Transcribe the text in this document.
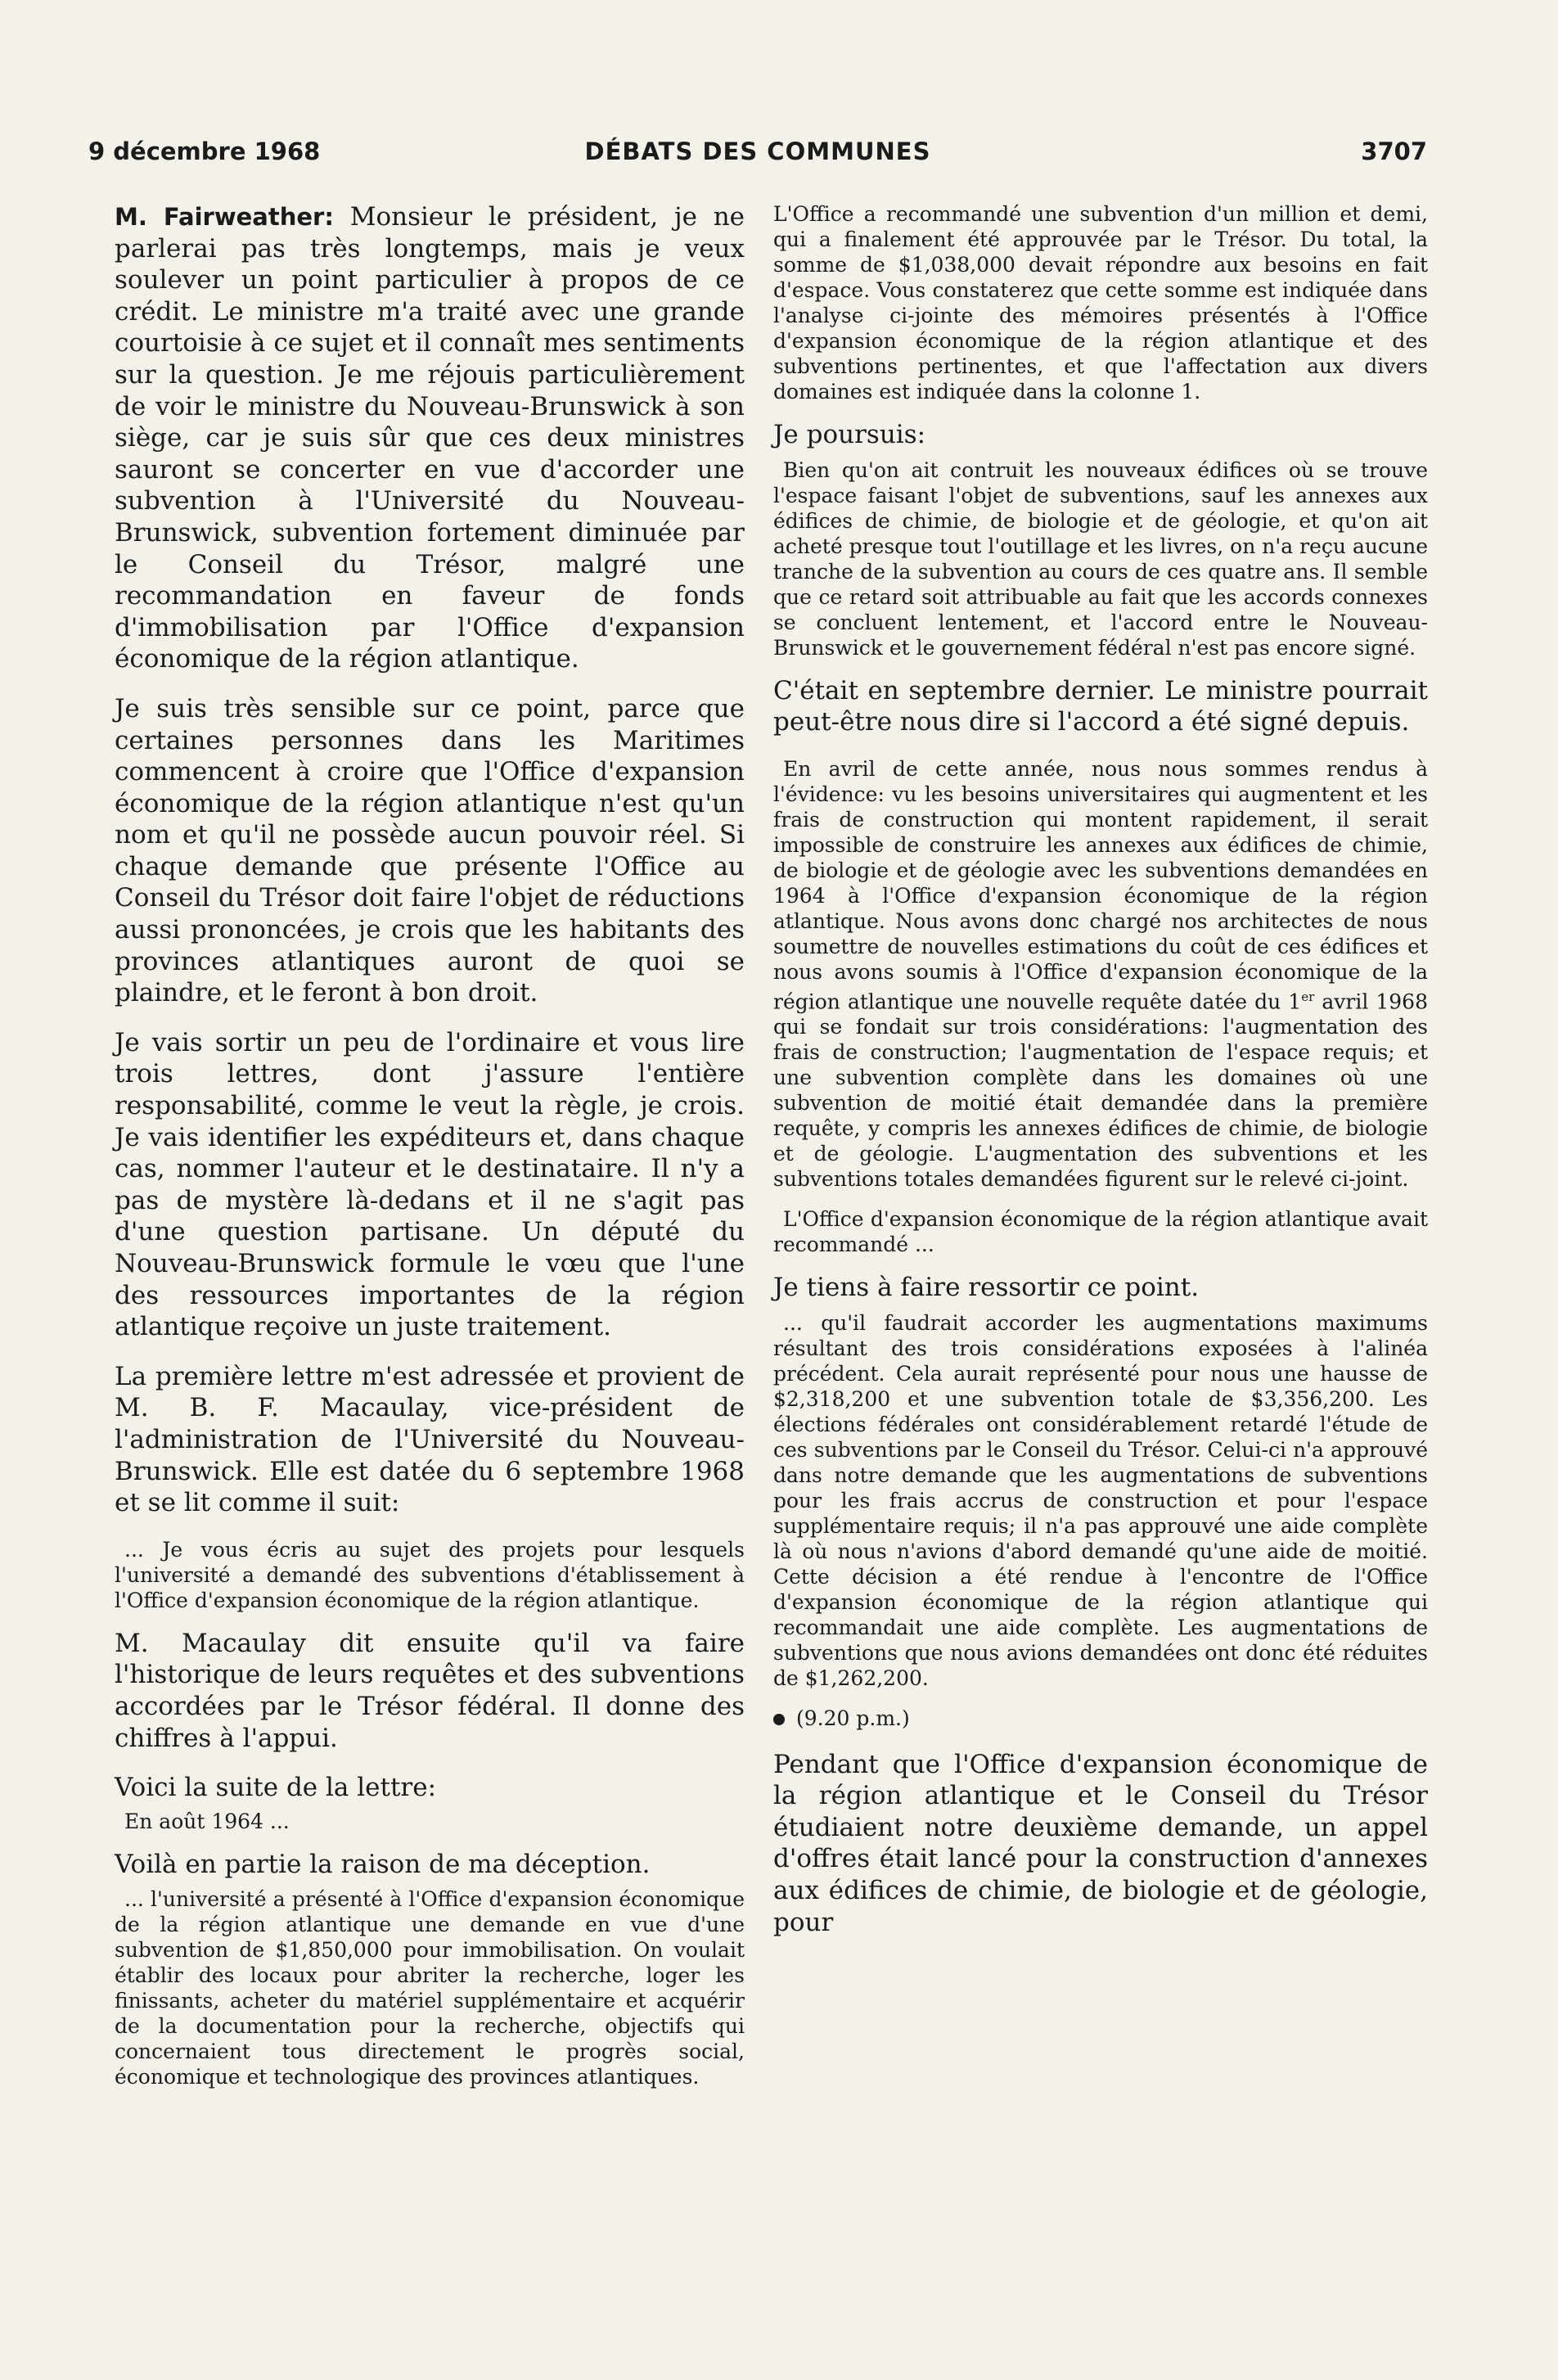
9 décembre 1968	DÉBATS DES COMMUNES	3707

M. Fairweather: Monsieur le président, je ne parlerai pas très longtemps, mais je veux soulever un point particulier à propos de ce crédit. Le ministre m'a traité avec une grande courtoisie à ce sujet et il connaît mes sentiments sur la question. Je me réjouis particulièrement de voir le ministre du Nouveau-Brunswick à son siège, car je suis sûr que ces deux ministres sauront se concerter en vue d'accorder une subvention à l'Université du Nouveau-Brunswick, subvention fortement diminuée par le Conseil du Trésor, malgré une recommandation en faveur de fonds d'immobilisation par l'Office d'expansion économique de la région atlantique.

Je suis très sensible sur ce point, parce que certaines personnes dans les Maritimes commencent à croire que l'Office d'expansion économique de la région atlantique n'est qu'un nom et qu'il ne possède aucun pouvoir réel. Si chaque demande que présente l'Office au Conseil du Trésor doit faire l'objet de réductions aussi prononcées, je crois que les habitants des provinces atlantiques auront de quoi se plaindre, et le feront à bon droit.

Je vais sortir un peu de l'ordinaire et vous lire trois lettres, dont j'assure l'entière responsabilité, comme le veut la règle, je crois. Je vais identifier les expéditeurs et, dans chaque cas, nommer l'auteur et le destinataire. Il n'y a pas de mystère là-dedans et il ne s'agit pas d'une question partisane. Un député du Nouveau-Brunswick formule le vœu que l'une des ressources importantes de la région atlantique reçoive un juste traitement.

La première lettre m'est adressée et provient de M. B. F. Macaulay, vice-président de l'administration de l'Université du Nouveau-Brunswick. Elle est datée du 6 septembre 1968 et se lit comme il suit:

... Je vous écris au sujet des projets pour lesquels l'université a demandé des subventions d'établissement à l'Office d'expansion économique de la région atlantique.

M. Macaulay dit ensuite qu'il va faire l'historique de leurs requêtes et des subventions accordées par le Trésor fédéral. Il donne des chiffres à l'appui.

Voici la suite de la lettre:

En août 1964 ...

Voilà en partie la raison de ma déception.

... l'université a présenté à l'Office d'expansion économique de la région atlantique une demande en vue d'une subvention de $1,850,000 pour immobilisation. On voulait établir des locaux pour abriter la recherche, loger les finissants, acheter du matériel supplémentaire et acquérir de la documentation pour la recherche, objectifs qui concernaient tous directement le progrès social, économique et technologique des provinces atlantiques.

L'Office a recommandé une subvention d'un million et demi, qui a finalement été approuvée par le Trésor. Du total, la somme de $1,038,000 devait répondre aux besoins en fait d'espace. Vous constaterez que cette somme est indiquée dans l'analyse ci-jointe des mémoires présentés à l'Office d'expansion économique de la région atlantique et des subventions pertinentes, et que l'affectation aux divers domaines est indiquée dans la colonne 1.

Je poursuis:

Bien qu'on ait contruit les nouveaux édifices où se trouve l'espace faisant l'objet de subventions, sauf les annexes aux édifices de chimie, de biologie et de géologie, et qu'on ait acheté presque tout l'outillage et les livres, on n'a reçu aucune tranche de la subvention au cours de ces quatre ans. Il semble que ce retard soit attribuable au fait que les accords connexes se concluent lentement, et l'accord entre le Nouveau-Brunswick et le gouvernement fédéral n'est pas encore signé.

C'était en septembre dernier. Le ministre pourrait peut-être nous dire si l'accord a été signé depuis.

En avril de cette année, nous nous sommes rendus à l'évidence: vu les besoins universitaires qui augmentent et les frais de construction qui montent rapidement, il serait impossible de construire les annexes aux édifices de chimie, de biologie et de géologie avec les subventions demandées en 1964 à l'Office d'expansion économique de la région atlantique. Nous avons donc chargé nos architectes de nous soumettre de nouvelles estimations du coût de ces édifices et nous avons soumis à l'Office d'expansion économique de la région atlantique une nouvelle requête datée du 1er avril 1968 qui se fondait sur trois considérations: l'augmentation des frais de construction; l'augmentation de l'espace requis; et une subvention complète dans les domaines où une subvention de moitié était demandée dans la première requête, y compris les annexes édifices de chimie, de biologie et de géologie. L'augmentation des subventions et les subventions totales demandées figurent sur le relevé ci-joint.

L'Office d'expansion économique de la région atlantique avait recommandé ...

Je tiens à faire ressortir ce point.

... qu'il faudrait accorder les augmentations maximums résultant des trois considérations exposées à l'alinéa précédent. Cela aurait représenté pour nous une hausse de $2,318,200 et une subvention totale de $3,356,200. Les élections fédérales ont considérablement retardé l'étude de ces subventions par le Conseil du Trésor. Celui-ci n'a approuvé dans notre demande que les augmentations de subventions pour les frais accrus de construction et pour l'espace supplémentaire requis; il n'a pas approuvé une aide complète là où nous n'avions d'abord demandé qu'une aide de moitié. Cette décision a été rendue à l'encontre de l'Office d'expansion économique de la région atlantique qui recommandait une aide complète. Les augmentations de subventions que nous avions demandées ont donc été réduites de $1,262,200.

(9.20 p.m.)

Pendant que l'Office d'expansion économique de la région atlantique et le Conseil du Trésor étudiaient notre deuxième demande, un appel d'offres était lancé pour la construction d'annexes aux édifices de chimie, de biologie et de géologie, pour
